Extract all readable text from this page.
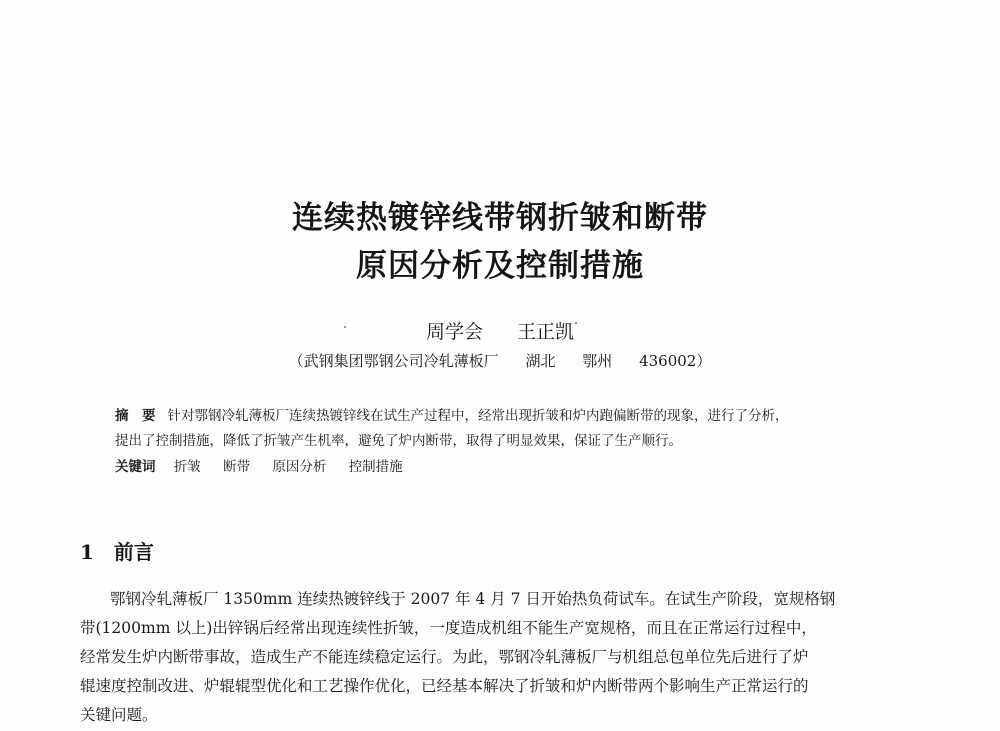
连续热镀锌线带钢折皱和断带
原因分析及控制措施
周学会 王正凯
（武钢集团鄂钢公司冷轧薄板厂 湖北 鄂州 436002）
摘　要 针对鄂钢冷轧薄板厂连续热镀锌线在试生产过程中，经常出现折皱和炉内跑偏断带的现象，进行了分析，
提出了控制措施，降低了折皱产生机率，避免了炉内断带，取得了明显效果，保证了生产顺行。
关键词 折皱 断带 原因分析 控制措施
1 前言
鄂钢冷轧薄板厂 1350mm 连续热镀锌线于 2007 年 4 月 7 日开始热负荷试车。在试生产阶段，宽规格钢
带(1200mm 以上)出锌锅后经常出现连续性折皱，一度造成机组不能生产宽规格，而且在正常运行过程中，
经常发生炉内断带事故，造成生产不能连续稳定运行。为此，鄂钢冷轧薄板厂与机组总包单位先后进行了炉
辊速度控制改进、炉辊辊型优化和工艺操作优化，已经基本解决了折皱和炉内断带两个影响生产正常运行的
关键问题。
